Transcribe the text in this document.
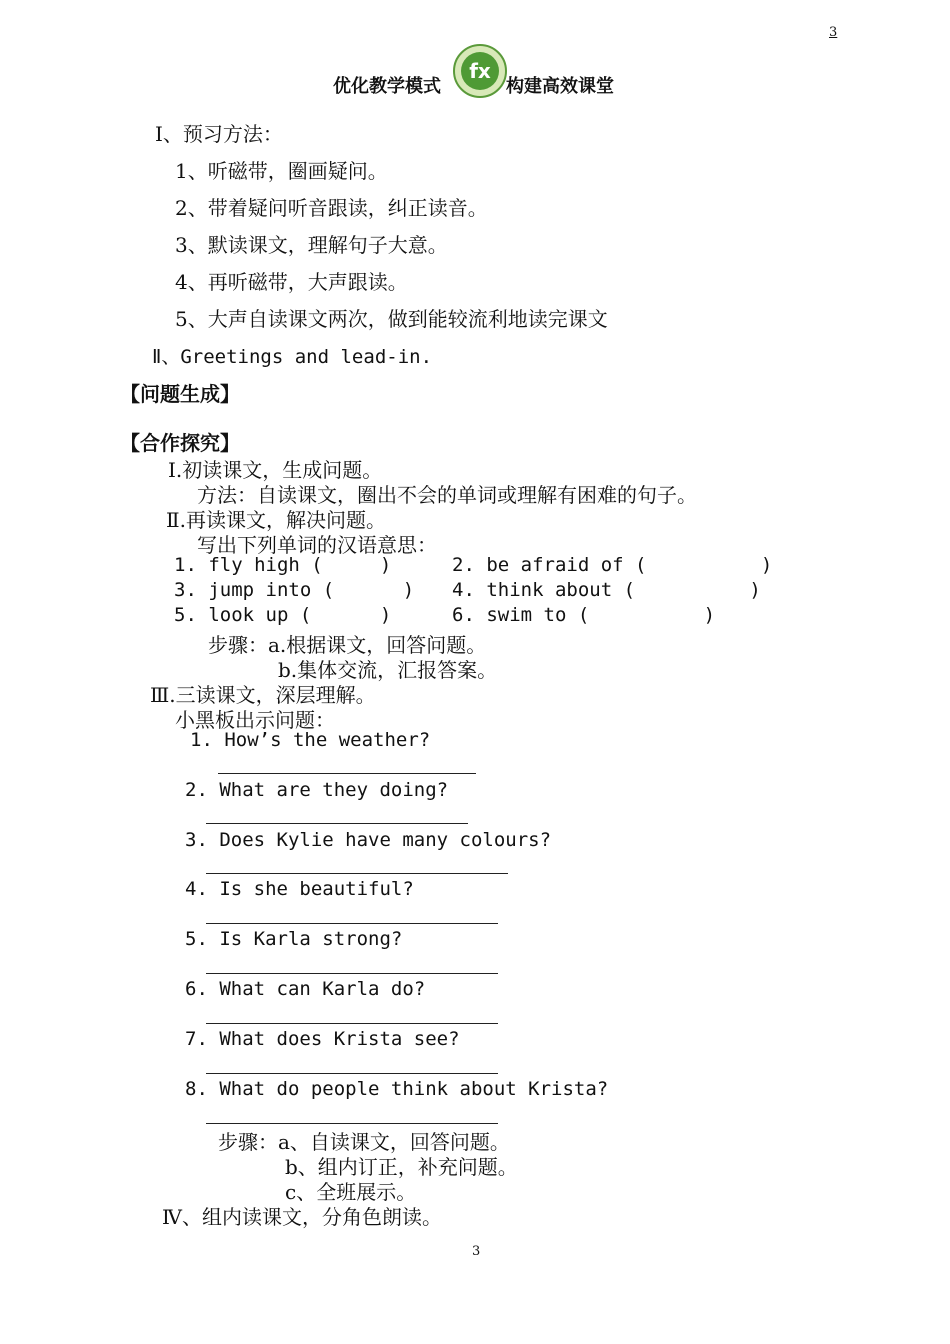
3
优化教学模式
fx
构建高效课堂
Ⅰ、预习方法：
1、听磁带，圈画疑问。
2、带着疑问听音跟读，纠正读音。
3、默读课文，理解句子大意。
4、再听磁带，大声跟读。
5、大声自读课文两次，做到能较流利地读完课文
Ⅱ、Greetings and lead-in.
【问题生成】
【合作探究】
Ⅰ.初读课文，生成问题。
方法：自读课文，圈出不会的单词或理解有困难的句子。
Ⅱ.再读课文，解决问题。
写出下列单词的汉语意思：
1. fly high (     )	2. be afraid of (          )
3. jump into (      ) 4. think about (          )
5. look up (      )	6. swim to (          )
步骤：a.根据课文，回答问题。
b.集体交流，汇报答案。
Ⅲ.三读课文，深层理解。
小黑板出示问题：
1. How’s the weather?
2. What are they doing?
3. Does Kylie have many colours?
4. Is she beautiful?
5. Is Karla strong?
6. What can Karla do?
7. What does Krista see?
8. What do people think about Krista?
步骤：a、自读课文，回答问题。
b、组内订正，补充问题。
c、全班展示。
Ⅳ、组内读课文，分角色朗读。
3
